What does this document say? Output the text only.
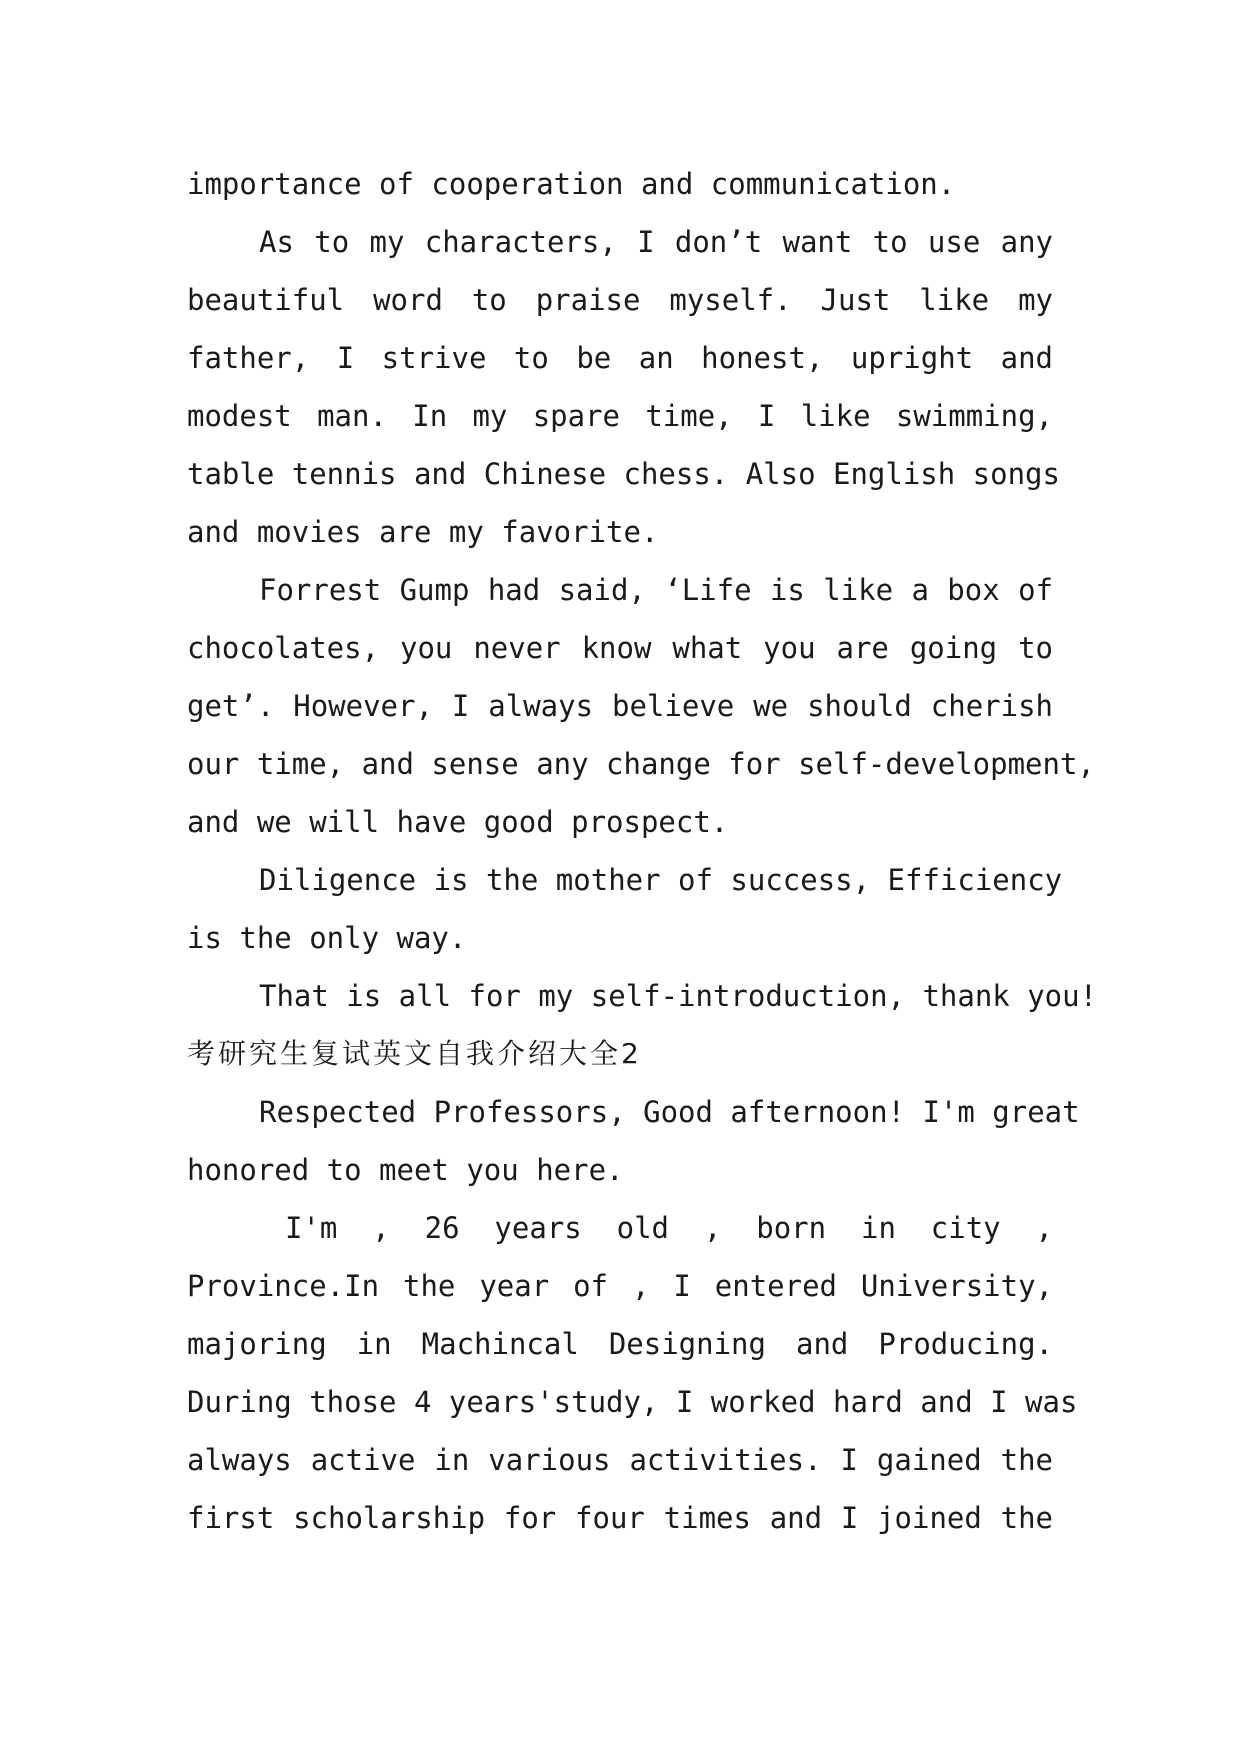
importance of cooperation and communication.
As to my characters, I don’t want to use any
beautiful word to praise myself. Just like my
father, I strive to be an honest, upright and
modest man. In my spare time, I like swimming,
table tennis and Chinese chess. Also English songs
and movies are my favorite.
Forrest Gump had said, ‘Life is like a box of
chocolates, you never know what you are going to
get’. However, I always believe we should cherish
our time, and sense any change for self-development,
and we will have good prospect.
Diligence is the mother of success, Efficiency
is the only way.
That is all for my self-introduction, thank you!
考研究生复试英文自我介绍大全2
Respected Professors, Good afternoon! I'm great
honored to meet you here.
I'm , 26 years old , born in city ,
Province.In the year of , I entered University,
majoring in Machincal Designing and Producing.
During those 4 years'study, I worked hard and I was
always active in various activities. I gained the
first scholarship for four times and I joined the
